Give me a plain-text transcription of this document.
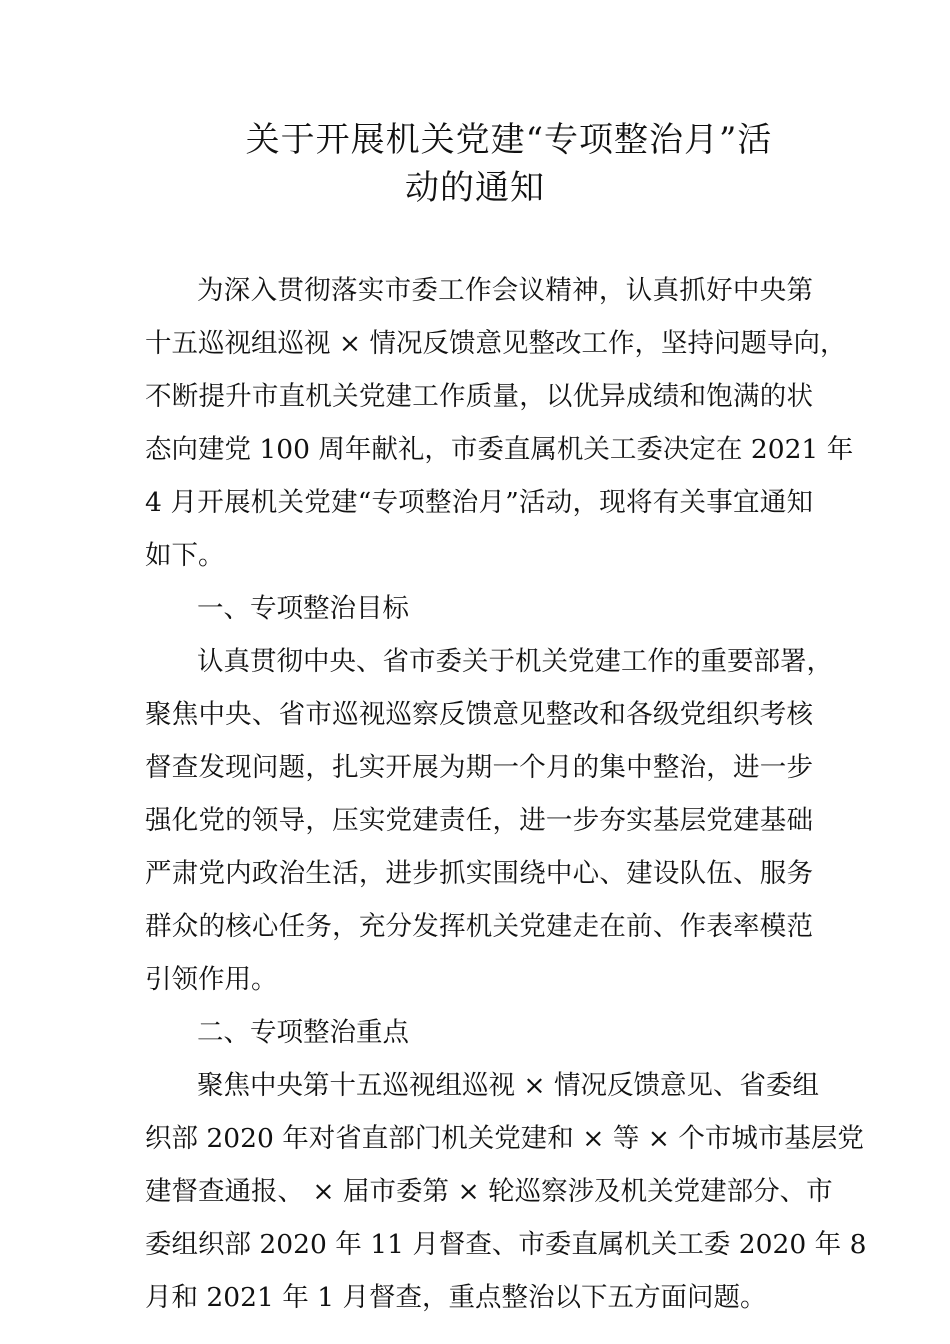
关于开展机关党建“专项整治月”活
动的通知
为深入贯彻落实市委工作会议精神，认真抓好中央第
十五巡视组巡视 × 情况反馈意见整改工作，坚持问题导向，
不断提升市直机关党建工作质量，以优异成绩和饱满的状
态向建党 100 周年献礼，市委直属机关工委决定在 2021 年
4 月开展机关党建“专项整治月”活动，现将有关事宜通知
如下。
一、专项整治目标
认真贯彻中央、省市委关于机关党建工作的重要部署，
聚焦中央、省市巡视巡察反馈意见整改和各级党组织考核
督查发现问题，扎实开展为期一个月的集中整治，进一步
强化党的领导，压实党建责任，进一步夯实基层党建基础
严肃党内政治生活，进步抓实围绕中心、建设队伍、服务
群众的核心任务，充分发挥机关党建走在前、作表率模范
引领作用。
二、专项整治重点
聚焦中央第十五巡视组巡视 × 情况反馈意见、省委组
织部 2020 年对省直部门机关党建和 × 等 × 个市城市基层党
建督查通报、 × 届市委第 × 轮巡察涉及机关党建部分、市
委组织部 2020 年 11 月督查、市委直属机关工委 2020 年 8
月和 2021 年 1 月督查，重点整治以下五方面问题。
